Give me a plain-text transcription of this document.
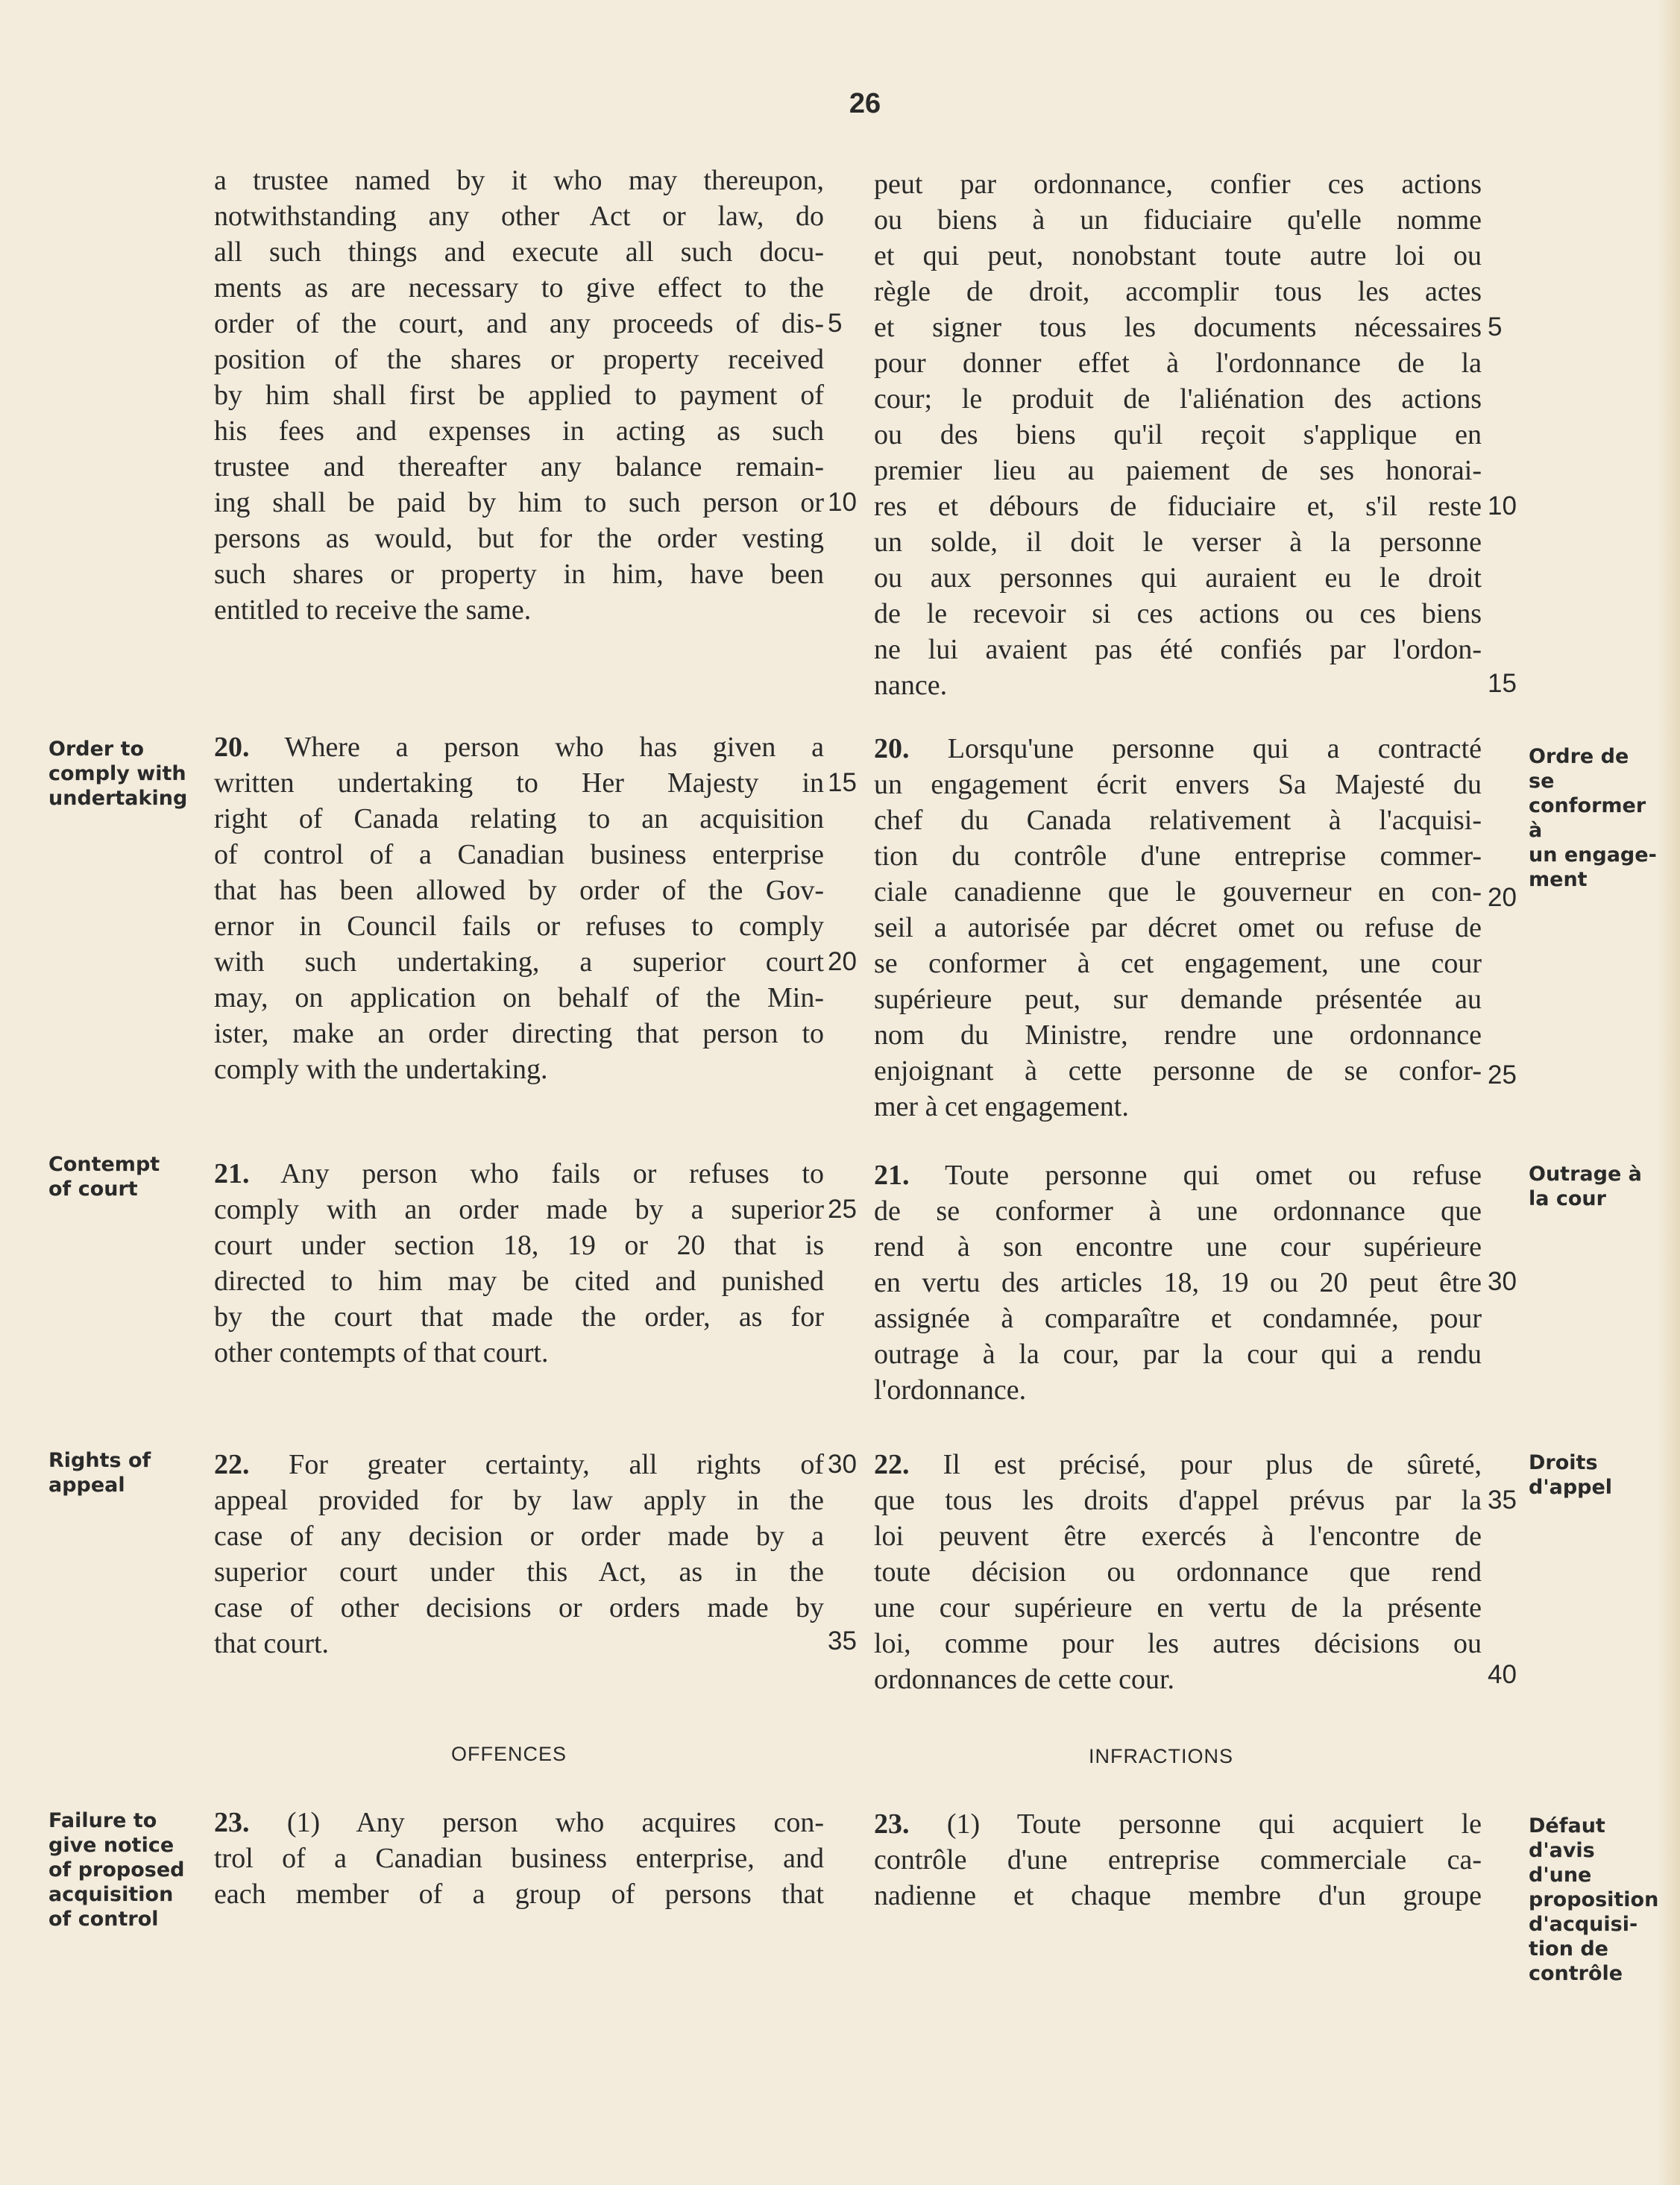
26
a trustee named by it who may thereupon,
notwithstanding any other Act or law, do
all such things and execute all such docu-
ments as are necessary to give effect to the
order of the court, and any proceeds of dis-
position of the shares or property received
by him shall first be applied to payment of
his fees and expenses in acting as such
trustee and thereafter any balance remain-
ing shall be paid by him to such person or
persons as would, but for the order vesting
such shares or property in him, have been
entitled to receive the same.
5
10
peut par ordonnance, confier ces actions
ou biens à un fiduciaire qu'elle nomme
et qui peut, nonobstant toute autre loi ou
règle de droit, accomplir tous les actes
et signer tous les documents nécessaires
pour donner effet à l'ordonnance de la
cour; le produit de l'aliénation des actions
ou des biens qu'il reçoit s'applique en
premier lieu au paiement de ses honorai-
res et débours de fiduciaire et, s'il reste
un solde, il doit le verser à la personne
ou aux personnes qui auraient eu le droit
de le recevoir si ces actions ou ces biens
ne lui avaient pas été confiés par l'ordon-
nance.
5
10
15
Order to
comply with
undertaking
20. Where a person who has given a
written undertaking to Her Majesty in
right of Canada relating to an acquisition
of control of a Canadian business enterprise
that has been allowed by order of the Gov-
ernor in Council fails or refuses to comply
with such undertaking, a superior court
may, on application on behalf of the Min-
ister, make an order directing that person to
comply with the undertaking.
15
20
20. Lorsqu'une personne qui a contracté
un engagement écrit envers Sa Majesté du
chef du Canada relativement à l'acquisi-
tion du contrôle d'une entreprise commer-
ciale canadienne que le gouverneur en con-
seil a autorisée par décret omet ou refuse de
se conformer à cet engagement, une cour
supérieure peut, sur demande présentée au
nom du Ministre, rendre une ordonnance
enjoignant à cette personne de se confor-
mer à cet engagement.
20
25
Ordre de se
conformer à
un engage-
ment
Contempt
of court	21. Any person who fails or refuses to
comply with an order made by a superior
court under section 18, 19 or 20 that is
directed to him may be cited and punished
by the court that made the order, as for
other contempts of that court.
25
21. Toute personne qui omet ou refuse
de se conformer à une ordonnance que
rend à son encontre une cour supérieure
en vertu des articles 18, 19 ou 20 peut être
assignée à comparaître et condamnée, pour
outrage à la cour, par la cour qui a rendu
l'ordonnance.
30
Outrage à
la cour
Rights of
appeal
22. For greater certainty, all rights of
appeal provided for by law apply in the
case of any decision or order made by a
superior court under this Act, as in the
case of other decisions or orders made by
that court.
30
35
22. Il est précisé, pour plus de sûreté,
que tous les droits d'appel prévus par la
loi peuvent être exercés à l'encontre de
toute décision ou ordonnance que rend
une cour supérieure en vertu de la présente
loi, comme pour les autres décisions ou
ordonnances de cette cour.
35
40
Droits
d'appel
OFFENCES	INFRACTIONS
Failure to
give notice
of proposed
acquisition
of control
23. (1) Any person who acquires con-
trol of a Canadian business enterprise, and
each member of a group of persons that
23. (1) Toute personne qui acquiert le
contrôle d'une entreprise commerciale ca-
nadienne et chaque membre d'un groupe
Défaut
d'avis d'une
proposition
d'acquisi-
tion de
contrôle
